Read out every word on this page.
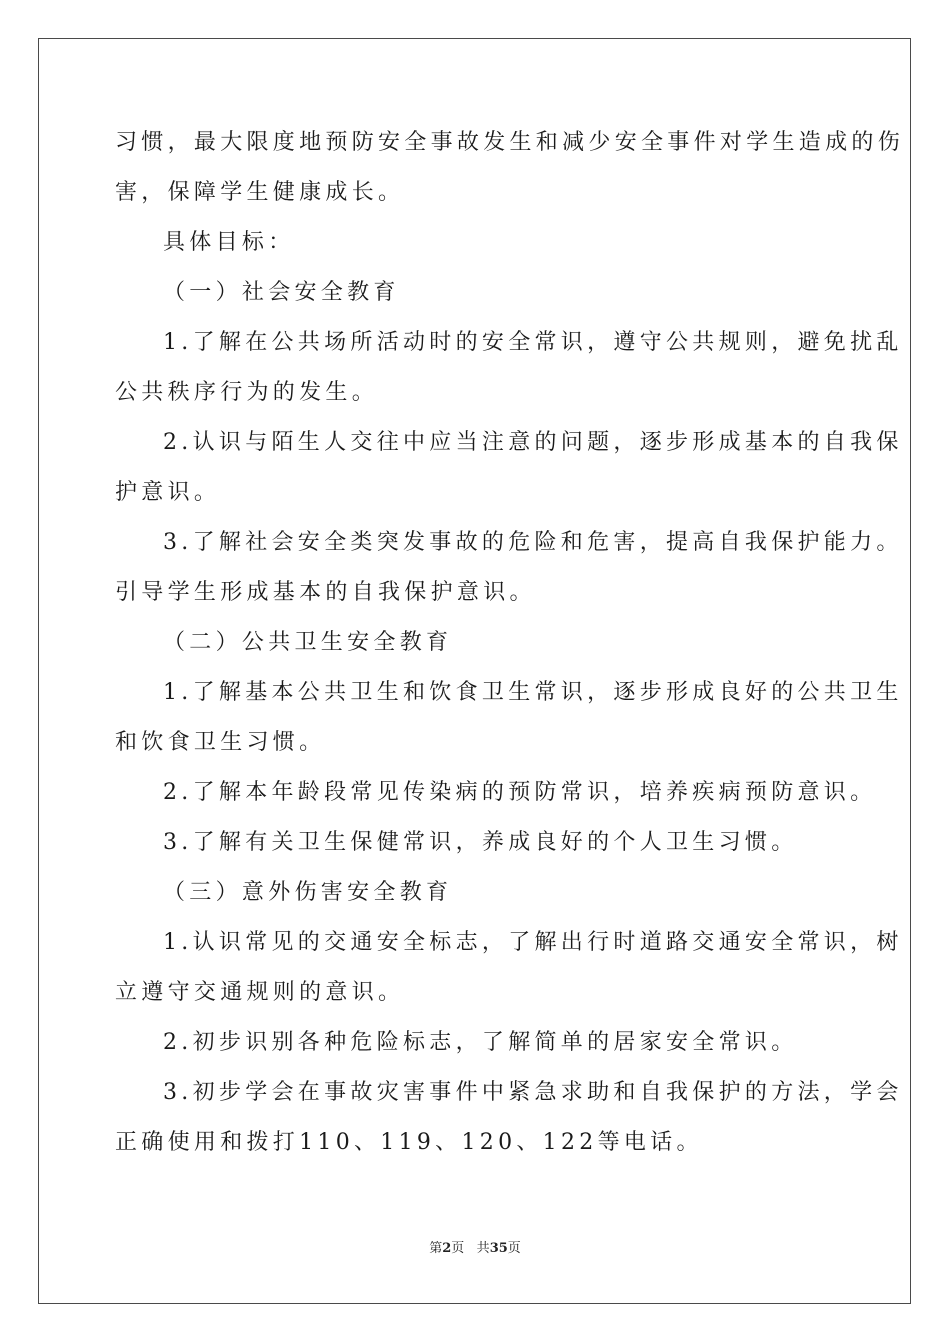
习惯，最大限度地预防安全事故发生和减少安全事件对学生造成的伤
害，保障学生健康成长。
具体目标：
（一）社会安全教育
1.了解在公共场所活动时的安全常识，遵守公共规则，避免扰乱
公共秩序行为的发生。
2.认识与陌生人交往中应当注意的问题，逐步形成基本的自我保
护意识。
3.了解社会安全类突发事故的危险和危害，提高自我保护能力。
引导学生形成基本的自我保护意识。
（二）公共卫生安全教育
1.了解基本公共卫生和饮食卫生常识，逐步形成良好的公共卫生
和饮食卫生习惯。
2.了解本年龄段常见传染病的预防常识，培养疾病预防意识。
3.了解有关卫生保健常识，养成良好的个人卫生习惯。
（三）意外伤害安全教育
1.认识常见的交通安全标志，了解出行时道路交通安全常识，树
立遵守交通规则的意识。
2.初步识别各种危险标志，了解简单的居家安全常识。
3.初步学会在事故灾害事件中紧急求助和自我保护的方法，学会
正确使用和拨打110、119、120、122等电话。
第2页 共35页
